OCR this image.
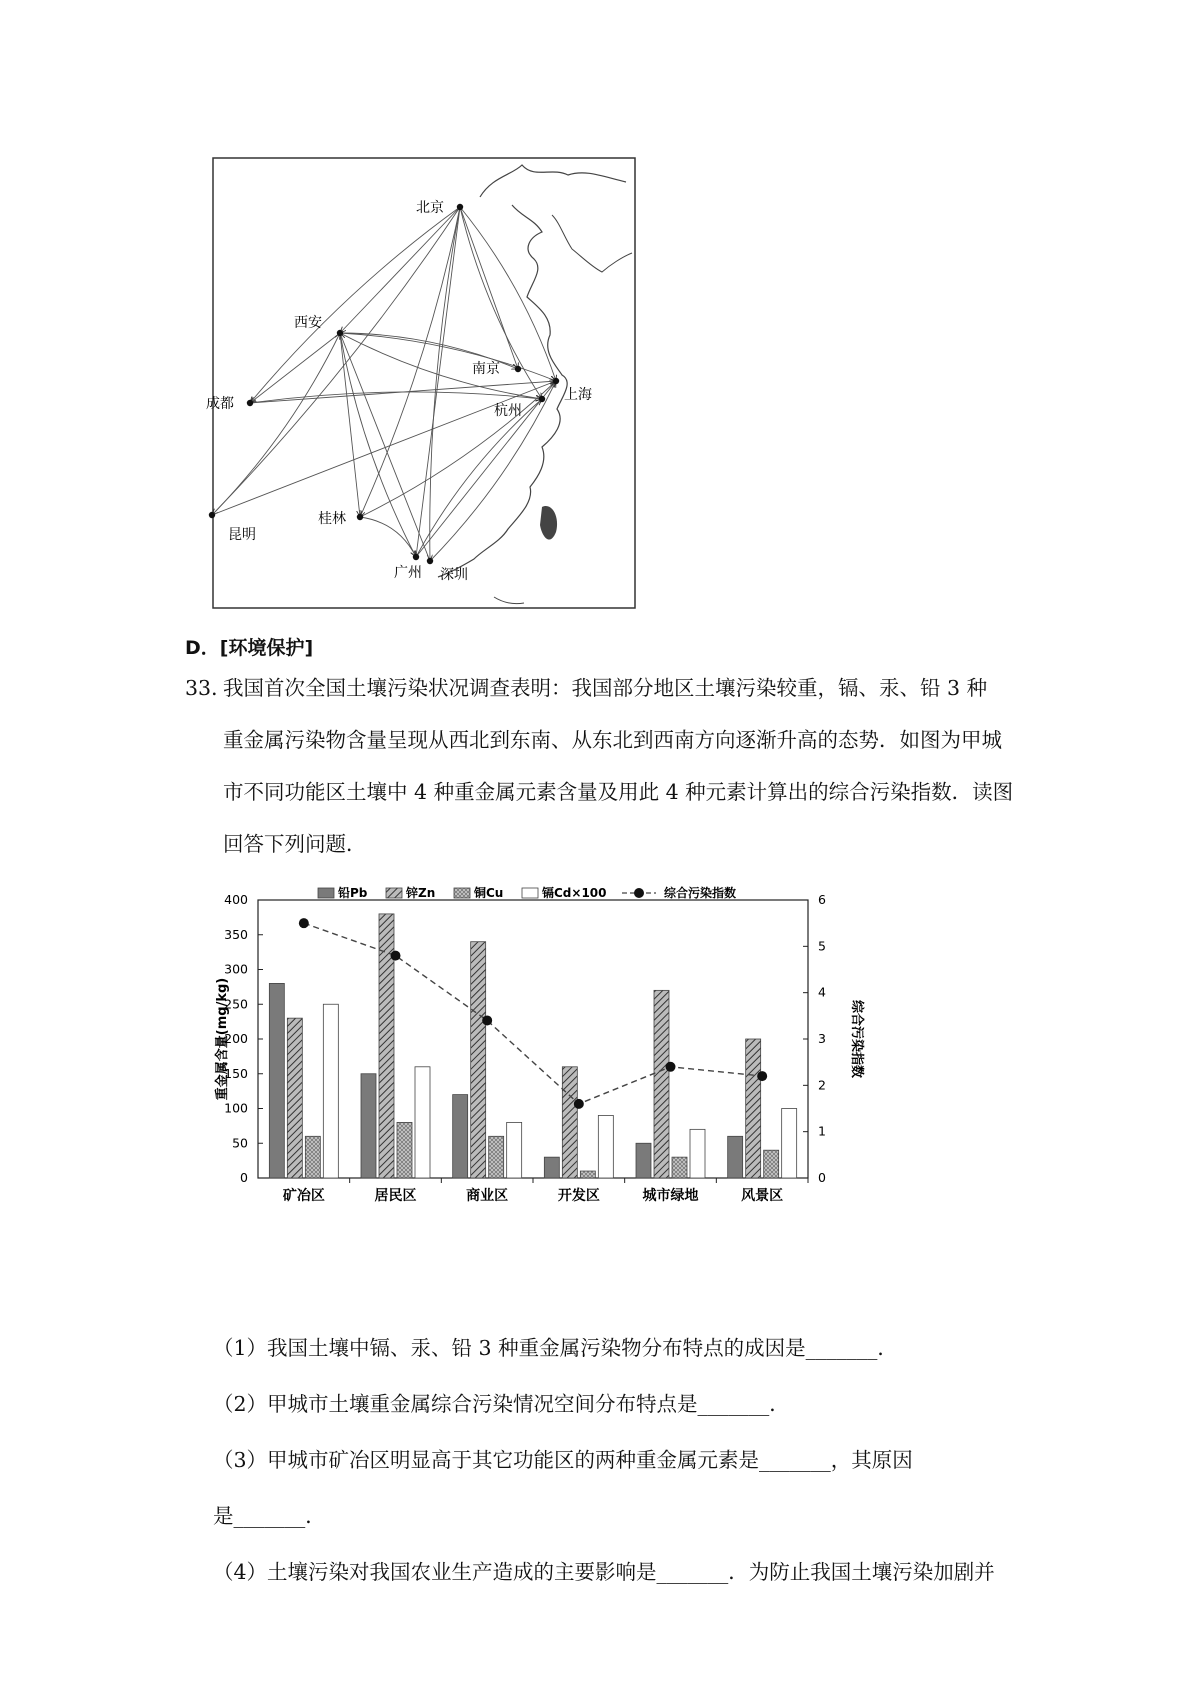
北京
西安
南京
上海
杭州
成都
昆明
桂林
广州 深圳
D．[环境保护]
33．
我国首次全国土壤污染状况调查表明：我国部分地区土壤污染较重，镉、汞、铅 3 种
重金属污染物含量呈现从西北到东南、从东北到西南方向逐渐升高的态势．如图为甲城
市不同功能区土壤中 4 种重金属元素含量及用此 4 种元素计算出的综合污染指数．读图
回答下列问题．
0
50
100
150
200
250
300
350
400
0
1
2
3
4
5
6
重金属含量(mg/kg)	综合污染指数
矿冶区	居民区	商业区	开发区	城市绿地	风景区
铅Pb	锌Zn	铜Cu	镉Cd×100	综合污染指数
（1）我国土壤中镉、汞、铅 3 种重金属污染物分布特点的成因是_______．
（2）甲城市土壤重金属综合污染情况空间分布特点是_______．
（3）甲城市矿冶区明显高于其它功能区的两种重金属元素是_______，其原因
是_______．
（4）土壤污染对我国农业生产造成的主要影响是_______．为防止我国土壤污染加剧并
